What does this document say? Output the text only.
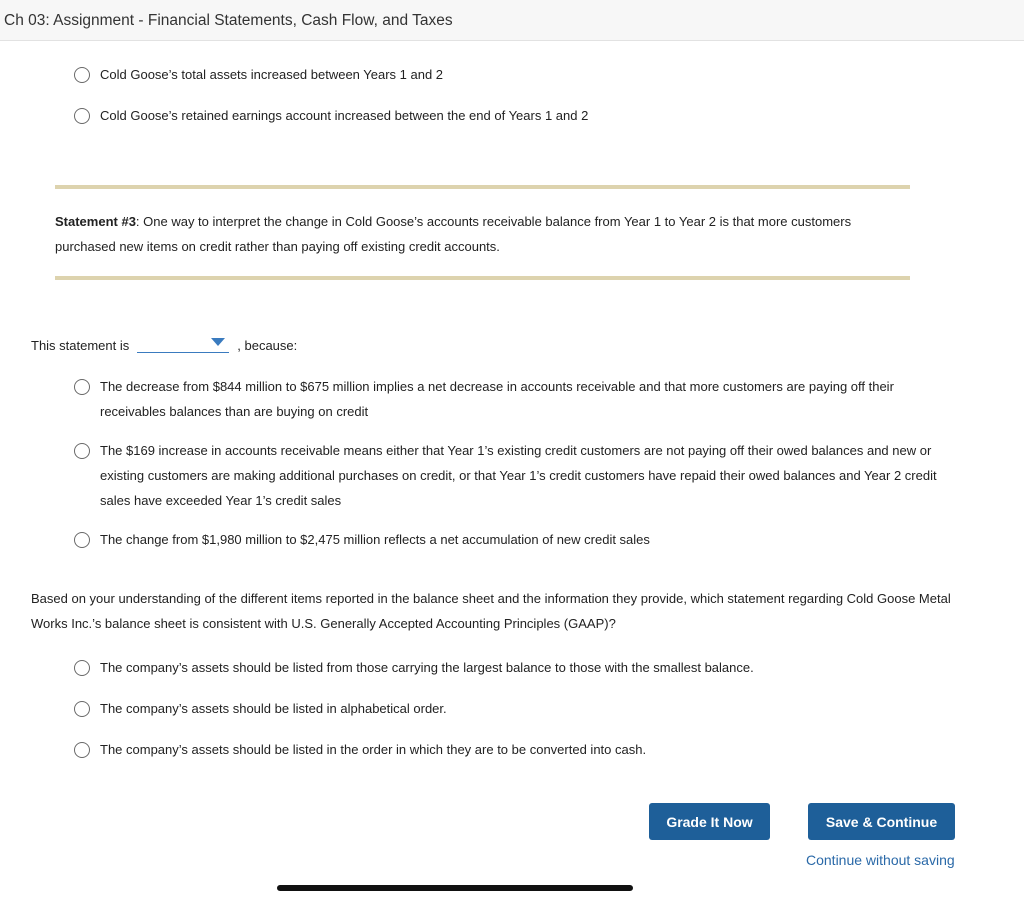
Ch 03: Assignment - Financial Statements, Cash Flow, and Taxes
Cold Goose’s total assets increased between Years 1 and 2
Cold Goose’s retained earnings account increased between the end of Years 1 and 2
Statement #3: One way to interpret the change in Cold Goose’s accounts receivable balance from Year 1 to Year 2 is that more customers purchased new items on credit rather than paying off existing credit accounts.
This statement is	, because:
The decrease from $844 million to $675 million implies a net decrease in accounts receivable and that more customers are paying off their receivables balances than are buying on credit
The $169 increase in accounts receivable means either that Year 1’s existing credit customers are not paying off their owed balances and new or existing customers are making additional purchases on credit, or that Year 1’s credit customers have repaid their owed balances and Year 2 credit sales have exceeded Year 1’s credit sales
The change from $1,980 million to $2,475 million reflects a net accumulation of new credit sales
Based on your understanding of the different items reported in the balance sheet and the information they provide, which statement regarding Cold Goose Metal Works Inc.’s balance sheet is consistent with U.S. Generally Accepted Accounting Principles (GAAP)?
The company’s assets should be listed from those carrying the largest balance to those with the smallest balance.
The company’s assets should be listed in alphabetical order.
The company’s assets should be listed in the order in which they are to be converted into cash.
Grade It Now	Save & Continue
Continue without saving
